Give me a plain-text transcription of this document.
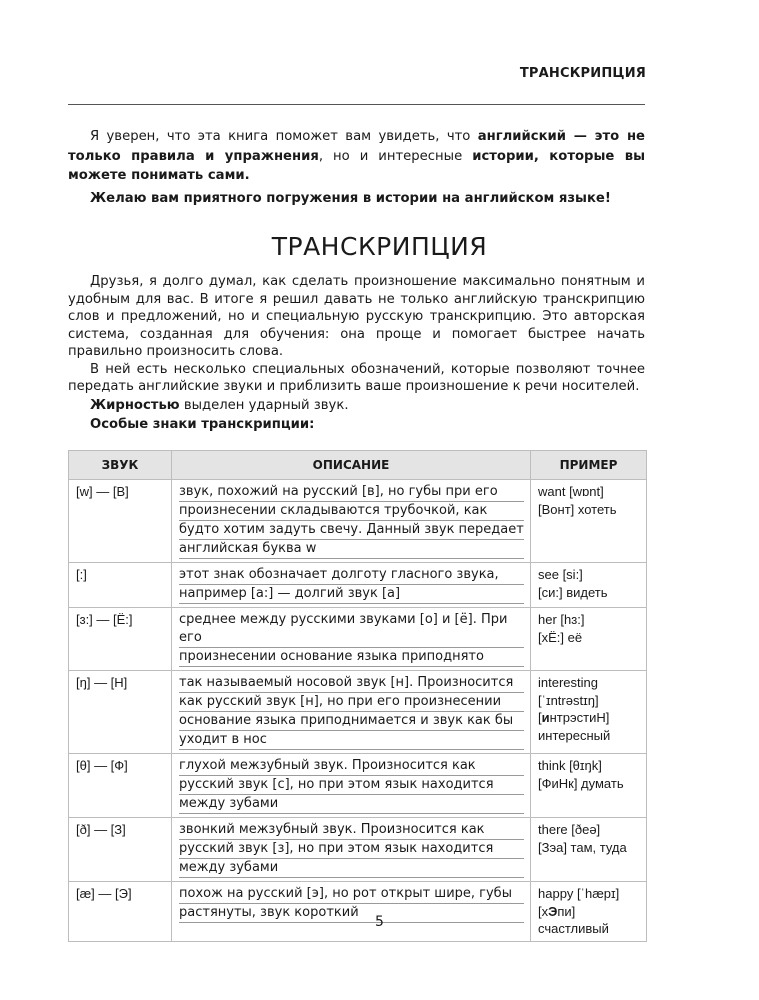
ТРАНСКРИПЦИЯ

Я уверен, что эта книга поможет вам увидеть, что английский — это не только правила и упражнения, но и интересные истории, которые вы можете понимать сами.

Желаю вам приятного погружения в истории на английском языке!

ТРАНСКРИПЦИЯ

Друзья, я долго думал, как сделать произношение максимально понятным и удобным для вас. В итоге я решил давать не только английскую транскрипцию слов и предложений, но и специальную русскую транскрипцию. Это авторская система, созданная для обучения: она проще и помогает быстрее начать правильно произносить слова.

В ней есть несколько специальных обозначений, которые позволяют точнее передать английские звуки и приблизить ваше произношение к речи носителей.

Жирностью выделен ударный звук.

Особые знаки транскрипции:

ЗВУК	ОПИСАНИЕ	ПРИМЕР

[w] — [В]	звук, похожий на русский [в], но губы при его
произнесении складываются трубочкой, как
будто хотим задуть свечу. Данный звук передает
английская буква w	want [wɒnt]
[Вонт] хотеть

[:]	этот знак обозначает долготу гласного звука,
например [a:] — долгий звук [а]	see [si:]
[си:] видеть

[ɜ:] — [Ё:]	среднее между русскими звуками [о] и [ё]. При его
произнесении основание языка приподнято	her [hɜ:]
[хЁ:] её

[ŋ] — [Н]	так называемый носовой звук [н]. Произносится
как русский звук [н], но при его произнесении
основание языка приподнимается и звук как бы
уходит в нос	interesting
[ˈɪntrəstɪŋ]
[интрэстиН]
интересный

[θ] — [Ф]	глухой межзубный звук. Произносится как
русский звук [с], но при этом язык находится
между зубами	think [θɪŋk]
[ФиНк] думать

[ð] — [З]	звонкий межзубный звук. Произносится как
русский звук [з], но при этом язык находится
между зубами	there [ðeə]
[Зэа] там, туда

[æ] — [Э]	похож на русский [э], но рот открыт шире, губы
растянуты, звук короткий	happy [ˈhæpɪ]
[хЭпи]
счастливый
5
